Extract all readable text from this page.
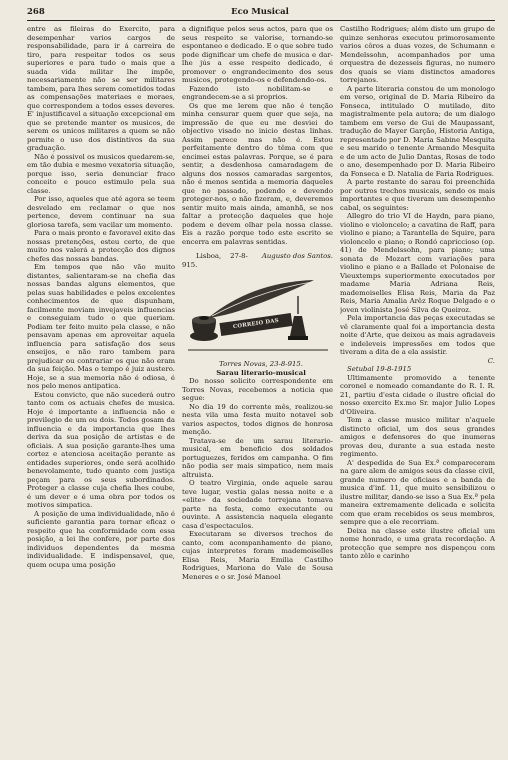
268	Eco Musical

entre as fileiras do Exercito, para desempenhar varios cargos de responsabilidade, para ir á carreira de tiro, para respeitar todos os seus superiores e para tudo o mais que a suada vida militar lhe impõe, necessariamente não se ser militares tambem, para lhes serem cometidos todas as compensações materiaes e moraes, que correspondem a todos esses deveres. E' injustificavel a situação excepcional em que se pretende manter os musicos, de serem os unicos militares a quem se não permite o uso dos distintivos da sua graduação.

Não é possivel os musicos quedarem-se, em tão dubia e mesmo vexatoria situação, porque isso, seria denunciar fraco conceito e pouco estimulo pela sua classe.

Por isso, aqueles que até agora se teem desvelado em reclamar o que nos pertence, devem continuar na sua gloriosa tarefa, sem vacilar um momento.

Para o mais pronto e favoravel exito das nossas pretenções, esteu certo, de que muito nos valerá a protecção dos dignos chefes das nossas bandas.

Em tempos que não vão muito distantes, salientaram-se na chefia das nossas bandas alguns elementos, que pelas suas habilidades e pelos excelentes conhecimentos de que dispunham, facilmente moviam invejaveis influencias e conseguiam tudo o que queriam. Podiam ter feito muito pela classe, e não pensavam apenas em aproveitar aquela influencia para satisfação dos seus enseijos, e não raro tambem para prejudicar ou contrariar os que não eram da sua feição. Mas o tempo é juiz austero. Hoje, se a sua memoria não é odiosa, é nos pelo menos antipatica.

Estou convicto, que não sucederá outro tanto com os actuais chefes de musica. Hoje é importante a influencia não e previlegio de um ou dois. Todos gosam da influencia e da importancia que lhes deriva da sua posição de artistas e de oficiais. A sua posição garante-lhes uma cortez e atenciosa aceitação perante as entidades superiores, onde será acolhido benevolamente, tudo quanto com justiça peçam para os seus subordinados. Proteger a classe cuja chefia lhes coube, é um dever e é uma obra por todos os motivos simpatica.

A posição de uma individualidade, não é suficiente garantia para tornar eficaz o respeito que ha conformidade com essa posição, a lei lhe confere, por parte dos individuos dependentes da mesma individualidade. E indispensavel, que, quem ocupa uma posição

a dignifique pelos seus actos, para que os seus respeito se valorise, tornando-se espontaneo e dedicado. E o que sobre tudo pode dignificar um chefe de musica e dar-lhe jús a esse respeito dedicado, é promover o engrandecimento dos seus musicos, protegendo-os e defendendo-os.

Fazendo isto nobilitam-se e engrandecem-se a si proprios.

Os que me lerem que não é tenção minha censurar quem quer que seja, na impressão de que eu me desviei do objectivo visado no inicio destas linhas. Assim parece mas não é. Estou perfeitamente dentro do têma com que encimei estas palavras. Porque, se é para sentir, a desdenhosa camaradagem de alguns dos nossos camaradas sargentos, não é menos sentida a memoria daqueles que no passado, podendo e devendo proteger-nos, o não fizeram, e, deveremos sentir muito mais ainda, amanhã, se nos faltar a protecção daqueles que hoje podem e devem olhar pela nossa classe. Eis a razão porque todo este escrito se encerra em palavras sentidas.

Augusto dos Santos.
Lisboa, 27-8-915.

CORREIO DAS PROVINCIAS

Torres Novas, 23-8-915.

Sarau literario-musical

Do nosso solicito correspondente em Torres Novas, recebemos a noticia que segue:

No dia 19 do corrente mês, realizou-se nesta vila uma festa muito notavel sob varios aspectos, todos dignos de honrosa menção.

Tratava-se de um sarau literario-musical, em beneficio dos soldados portuguezes, feridos em campanha. O fim não podia ser mais simpatico, nem mais altruista.

O teatro Virginia, onde aquele sarau teve lugar, vestia galas nessa noite e a «elite» da sociedade torrejana tomava parte na festa, como executante ou ouvinte. A assistencia naquela elegante casa d'espectaculos.

Executaram se diversos trechos de canto, com acompanhamento de piano, cujas interpretes foram mademoiselles Elisa Reis, Maria Emilia Castilho Rodrigues, Mariona do Vale de Sousa Meneres e o sr. José Manoel

Castilho Rodrigues; além disto um grupo de quinze senhoras executou primorosamente varios côros a duas vozes, de Schumann e Mendelssohn, acompanhados por uma orquestra de dezesseis figuras, no numero dos quais se viam distinctos amadores torrejanos.

A parte literaria constou de um monologo em verso, original de D. Maria Ribeiro da Fonseca, intitulado O mutilado, dito magistralmente pela autora; de um dialogo tambem em verso de Gui de Maupassant, tradução de Mayer Garção, Historia Antiga, representado por D. Maria Sabine Mesquita e seu marido o tenente Armando Mesquita e de um acto de Julio Dantas, Rosas de todo o ano, desempenhado por D. Maria Ribeiro da Fonseca e D. Natalia de Faria Rodrigues.

A parte restante do sarau foi preenchida por outros trechos musicais, sendo os mais importantes e que tiveram um desempenho cabal, os seguintes:

Allegro do trio VI de Haydn, para piano, violino e violoncelo; a cavatina de Raff, para violino e piano; a Tarantella de Squire, para violoncelo e piano; o Rondó capriccioso (op. 41) de Mendelssohn, para piano; uma sonata de Mozart com variações para violino e piano e a Ballade et Polonaise de Vieuxtemps superiormente executados por madame Maria Adriana Reis, mademoiselles Elisa Reis, Maria da Paz Reis, Maria Amalia Arêz Roque Delgado e o joven violinista José Silva de Queiroz.

Pela importancia das peças executadas se vê claramente qual foi a importancia desta noite d'Arte, que deixou as mais agradaveis e indeleveis impressões em todos que tiveram a dita de a ela assistir.

C.

Setubal 19-8-1915

Ultimamente promovido a tenente coronel e nomeado comandante do R. I. R. 21, partiu d'esta cidade o ilustre oficial do nosso exercito Ex.mo Sr. major Julio Lopes d'Oliveira.

Tem a classe musico militar n'aquele distincto oficial, um dos seus grandes amigos e defensores do que inumeras provas deu, durante a sua estada neste regimento.

A' despedida de Sua Ex.ª compareceram na gare alem de amigos seus da classe civil, grande numero de oficiaes e a banda de musica d'inf. 11, que muito sensibilizou o ilustre militar, dando-se isso a Sua Ex.ª pela maneira extremamente delicada e solicita com que eram recebidos os seus membros, sempre que a ele recorriam.

Deixa na classe este ilustre oficial um nome honrado, e uma grata recordação. A protecção que sempre nos dispençou com tanto zêlo e carinho
